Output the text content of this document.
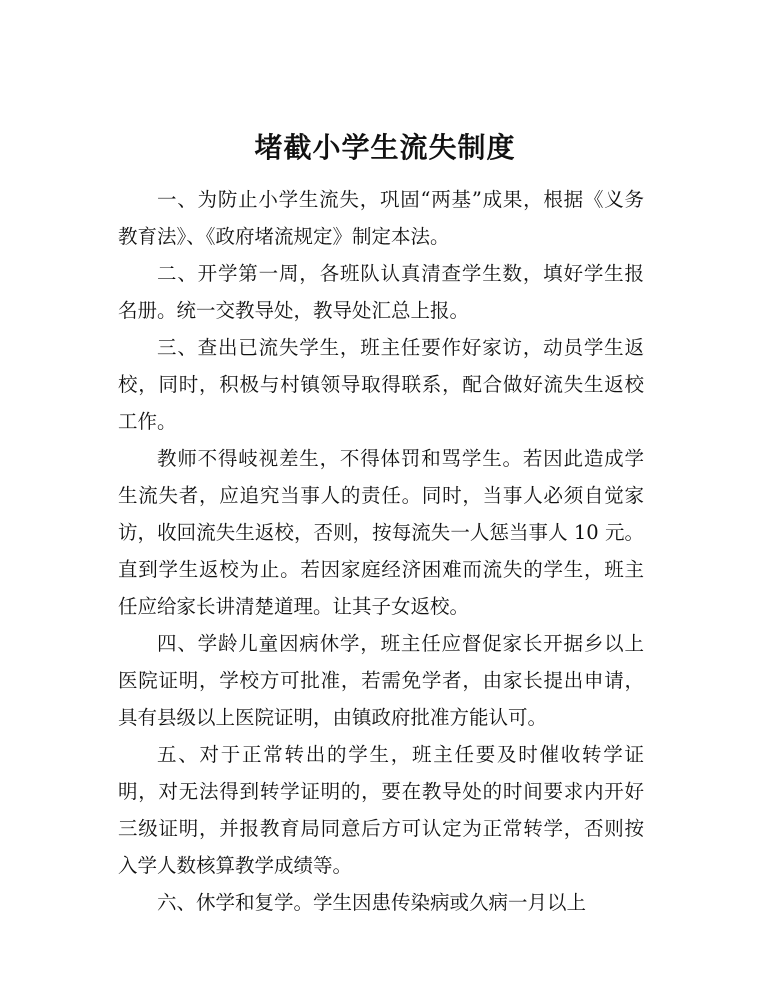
堵截小学生流失制度

一、为防止小学生流失，巩固“两基”成果，根据《义务教育法》、《政府堵流规定》制定本法。

二、开学第一周，各班队认真清查学生数，填好学生报名册。统一交教导处，教导处汇总上报。

三、查出已流失学生，班主任要作好家访，动员学生返校，同时，积极与村镇领导取得联系，配合做好流失生返校工作。

教师不得岐视差生，不得体罚和骂学生。若因此造成学生流失者，应追究当事人的责任。同时，当事人必须自觉家访，收回流失生返校，否则，按每流失一人惩当事人 10 元。直到学生返校为止。若因家庭经济困难而流失的学生，班主任应给家长讲清楚道理。让其子女返校。

四、学龄儿童因病休学，班主任应督促家长开据乡以上医院证明，学校方可批准，若需免学者，由家长提出申请，具有县级以上医院证明，由镇政府批准方能认可。

五、对于正常转出的学生，班主任要及时催收转学证明，对无法得到转学证明的，要在教导处的时间要求内开好三级证明，并报教育局同意后方可认定为正常转学，否则按入学人数核算教学成绩等。

六、休学和复学。学生因患传染病或久病一月以上
